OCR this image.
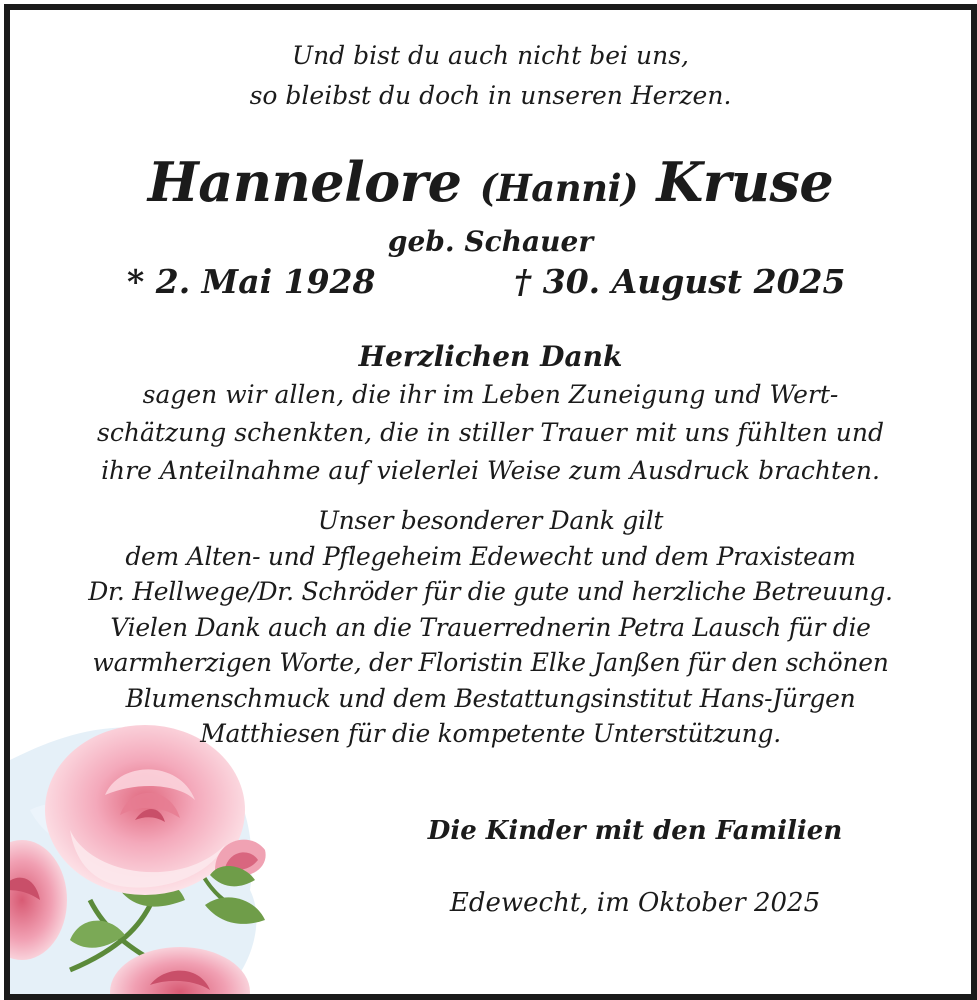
Und bist du auch nicht bei uns,
so bleibst du doch in unseren Herzen.
Hannelore (Hanni) Kruse
geb. Schauer
* 2. Mai 1928	† 30. August 2025
Herzlichen Dank
sagen wir allen, die ihr im Leben Zuneigung und Wert-
schätzung schenkten, die in stiller Trauer mit uns fühlten und
ihre Anteilnahme auf vielerlei Weise zum Ausdruck brachten.
Unser besonderer Dank gilt
dem Alten- und Pflegeheim Edewecht und dem Praxisteam
Dr. Hellwege/Dr. Schröder für die gute und herzliche Betreuung.
Vielen Dank auch an die Trauerrednerin Petra Lausch für die
warmherzigen Worte, der Floristin Elke Janßen für den schönen
Blumenschmuck und dem Bestattungsinstitut Hans-Jürgen
Matthiesen für die kompetente Unterstützung.
Die Kinder mit den Familien
Edewecht, im Oktober 2025
